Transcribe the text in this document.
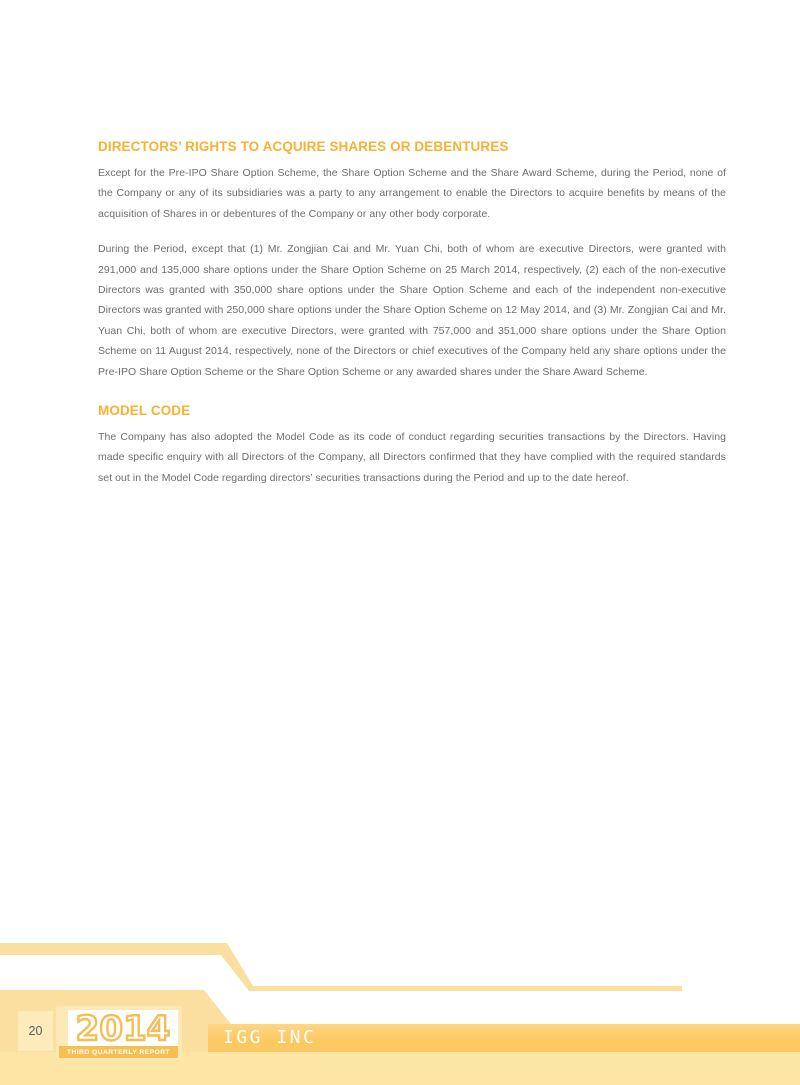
DIRECTORS’ RIGHTS TO ACQUIRE SHARES OR DEBENTURES

Except for the Pre-IPO Share Option Scheme, the Share Option Scheme and the Share Award Scheme, during the Period, none of the Company or any of its subsidiaries was a party to any arrangement to enable the Directors to acquire benefits by means of the acquisition of Shares in or debentures of the Company or any other body corporate.

During the Period, except that (1) Mr. Zongjian Cai and Mr. Yuan Chi, both of whom are executive Directors, were granted with 291,000 and 135,000 share options under the Share Option Scheme on 25 March 2014, respectively, (2) each of the non-executive Directors was granted with 350,000 share options under the Share Option Scheme and each of the independent non-executive Directors was granted with 250,000 share options under the Share Option Scheme on 12 May 2014, and (3) Mr. Zongjian Cai and Mr. Yuan Chi, both of whom are executive Directors, were granted with 757,000 and 351,000 share options under the Share Option Scheme on 11 August 2014, respectively, none of the Directors or chief executives of the Company held any share options under the Pre-IPO Share Option Scheme or the Share Option Scheme or any awarded shares under the Share Award Scheme.

MODEL CODE

The Company has also adopted the Model Code as its code of conduct regarding securities transactions by the Directors. Having made specific enquiry with all Directors of the Company, all Directors confirmed that they have complied with the required standards set out in the Model Code regarding directors’ securities transactions during the Period and up to the date hereof.

IGG INC
20 2014
THIRD QUARTERLY REPORT
